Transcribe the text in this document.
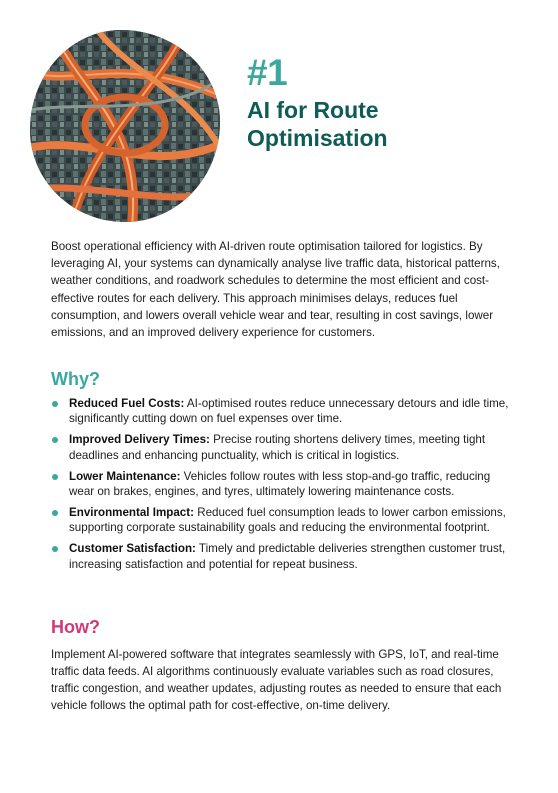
#1
AI for Route Optimisation

Boost operational efficiency with AI-driven route optimisation tailored for logistics. By leveraging AI, your systems can dynamically analyse live traffic data, historical patterns, weather conditions, and roadwork schedules to determine the most efficient and cost-effective routes for each delivery. This approach minimises delays, reduces fuel consumption, and lowers overall vehicle wear and tear, resulting in cost savings, lower emissions, and an improved delivery experience for customers.

Why?
Reduced Fuel Costs: AI-optimised routes reduce unnecessary detours and idle time, significantly cutting down on fuel expenses over time.
Improved Delivery Times: Precise routing shortens delivery times, meeting tight deadlines and enhancing punctuality, which is critical in logistics.
Lower Maintenance: Vehicles follow routes with less stop-and-go traffic, reducing wear on brakes, engines, and tyres, ultimately lowering maintenance costs.
Environmental Impact: Reduced fuel consumption leads to lower carbon emissions, supporting corporate sustainability goals and reducing the environmental footprint.
Customer Satisfaction: Timely and predictable deliveries strengthen customer trust, increasing satisfaction and potential for repeat business.
How?

Implement AI-powered software that integrates seamlessly with GPS, IoT, and real-time traffic data feeds. AI algorithms continuously evaluate variables such as road closures, traffic congestion, and weather updates, adjusting routes as needed to ensure that each vehicle follows the optimal path for cost-effective, on-time delivery.
